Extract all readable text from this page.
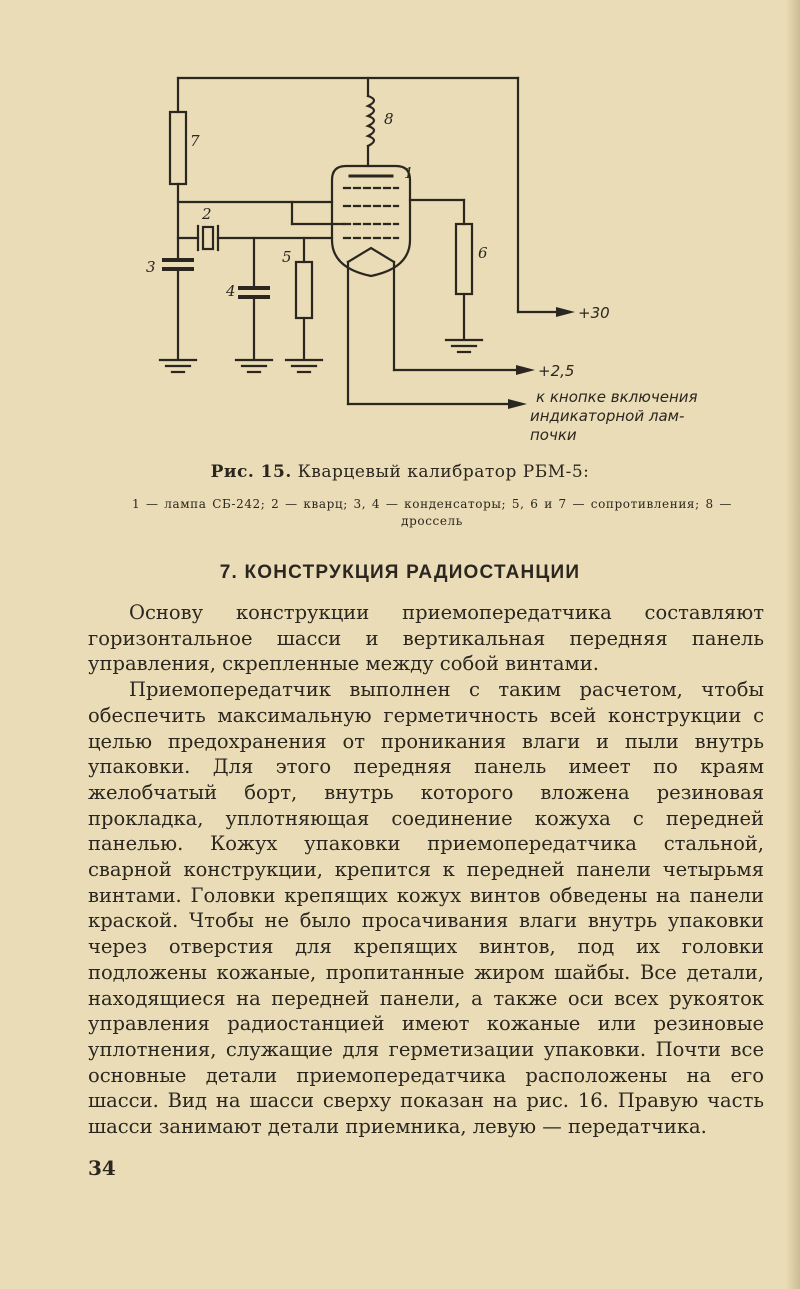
7
2
3
4
5	6
1
8
+30
+2,5
к кнопке включения
индикаторной лам-
почки
Рис. 15. Кварцевый калибратор РБМ-5:
1 — лампа СБ-242; 2 — кварц; 3, 4 — конденсаторы; 5, 6 и 7 — сопротивления; 8 — дроссель
7. КОНСТРУКЦИЯ РАДИОСТАНЦИИ

Основу конструкции приемопередатчика составляют горизонтальное шасси и вертикальная передняя панель управления, скрепленные между собой винтами.

Приемопередатчик выполнен с таким расчетом, чтобы обеспечить максимальную герметичность всей конструкции с целью предохранения от проникания влаги и пыли внутрь упаковки. Для этого передняя панель имеет по краям желобчатый борт, внутрь которого вложена резиновая прокладка, уплотняющая соединение кожуха с передней панелью. Кожух упаковки приемопередатчика стальной, сварной конструкции, крепится к передней панели четырьмя винтами. Головки крепящих кожух винтов обведены на панели краской. Чтобы не было просачивания влаги внутрь упаковки через отверстия для крепящих винтов, под их головки подложены кожаные, пропитанные жиром шайбы. Все детали, находящиеся на передней панели, а также оси всех рукояток управления радиостанцией имеют кожаные или резиновые уплотнения, служащие для герметизации упаковки. Почти все основные детали приемопередатчика расположены на его шасси. Вид на шасси сверху показан на рис. 16. Правую часть шасси занимают детали приемника, левую — передатчика.

34
